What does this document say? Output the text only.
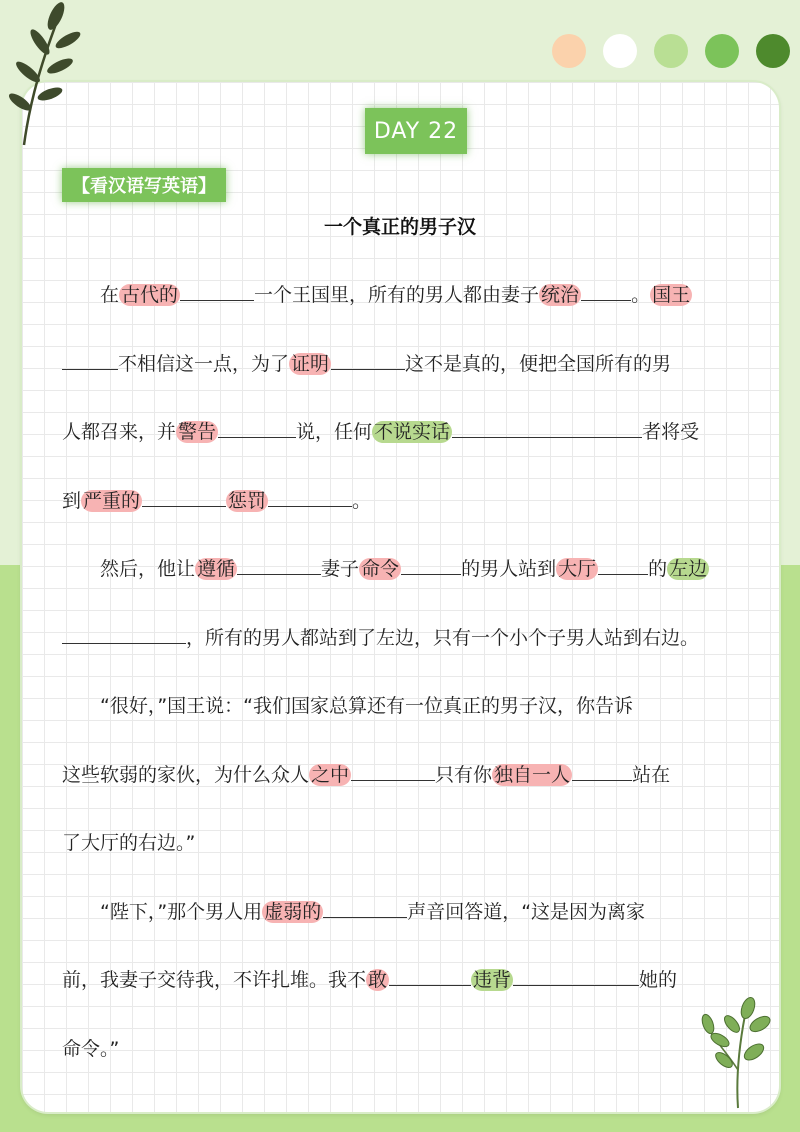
DAY 22
【看汉语写英语】
一个真正的男子汉
　　在 古代的	一个王国里，所有的男人都由妻子 统治	。 国王
不相信这一点，为了 证明	这不是真的，便把全国所有的男
人都召来，并 警告	说，任何 不说实话	者将受
到 严重的	惩罚	。
　　然后，他让 遵循	妻子 命令	的男人站到 大厅	的 左边
，所有的男人都站到了左边，只有一个小个子男人站到右边。
　　“很好，”国王说：“我们国家总算还有一位真正的男子汉，你告诉
这些软弱的家伙，为什么众人 之中	只有你 独自一人	站在
了大厅的右边。”
　　“陛下，”那个男人用 虚弱的	声音回答道，“这是因为离家
前，我妻子交待我，不许扎堆。我不 敢	违背	她的
命令。”
